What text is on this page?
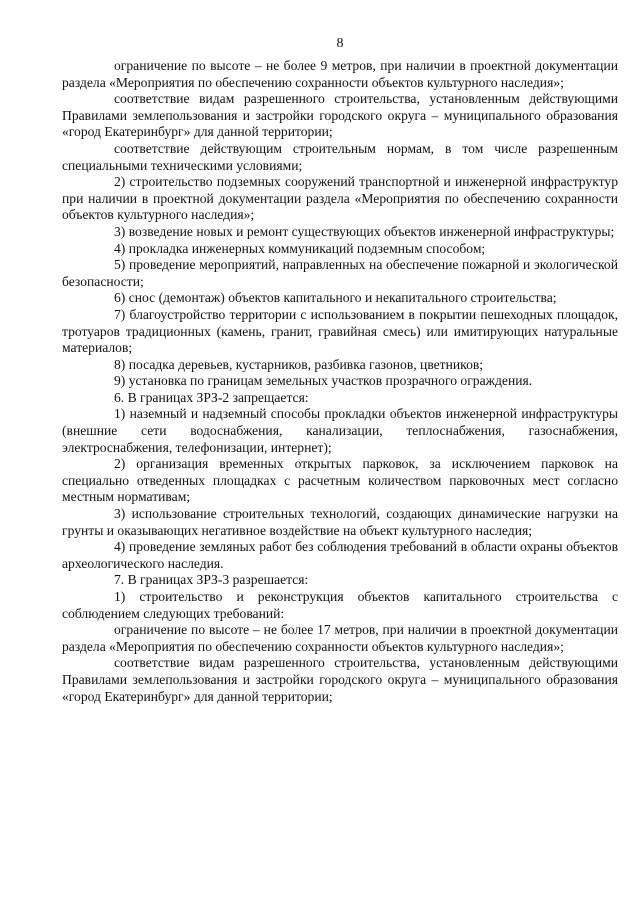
8

ограничение по высоте – не более 9 метров, при наличии в проектной документации раздела «Мероприятия по обеспечению сохранности объектов культурного наследия»;

соответствие видам разрешенного строительства, установленным действующими Правилами землепользования и застройки городского округа – муниципального образования «город Екатеринбург» для данной территории;

соответствие действующим строительным нормам, в том числе разрешенным специальными техническими условиями;

2) строительство подземных сооружений транспортной и инженерной инфраструктур при наличии в проектной документации раздела «Мероприятия по обеспечению сохранности объектов культурного наследия»;

3) возведение новых и ремонт существующих объектов инженерной инфраструктуры;

4) прокладка инженерных коммуникаций подземным способом;

5) проведение мероприятий, направленных на обеспечение пожарной и экологической безопасности;

6) снос (демонтаж) объектов капитального и некапитального строительства;

7) благоустройство территории с использованием в покрытии пешеходных площадок, тротуаров традиционных (камень, гранит, гравийная смесь) или имитирующих натуральные материалов;

8) посадка деревьев, кустарников, разбивка газонов, цветников;

9) установка по границам земельных участков прозрачного ограждения.

6. В границах ЗРЗ-2 запрещается:

1) наземный и надземный способы прокладки объектов инженерной инфраструктуры (внешние сети водоснабжения, канализации, теплоснабжения, газоснабжения, электроснабжения, телефонизации, интернет);

2) организация временных открытых парковок, за исключением парковок на специально отведенных площадках с расчетным количеством парковочных мест согласно местным нормативам;

3) использование строительных технологий, создающих динамические нагрузки на грунты и оказывающих негативное воздействие на объект культурного наследия;

4) проведение земляных работ без соблюдения требований в области охраны объектов археологического наследия.

7. В границах ЗРЗ-3 разрешается:

1) строительство и реконструкция объектов капитального строительства с соблюдением следующих требований:

ограничение по высоте – не более 17 метров, при наличии в проектной документации раздела «Мероприятия по обеспечению сохранности объектов культурного наследия»;

соответствие видам разрешенного строительства, установленным действующими Правилами землепользования и застройки городского округа – муниципального образования «город Екатеринбург» для данной территории;
